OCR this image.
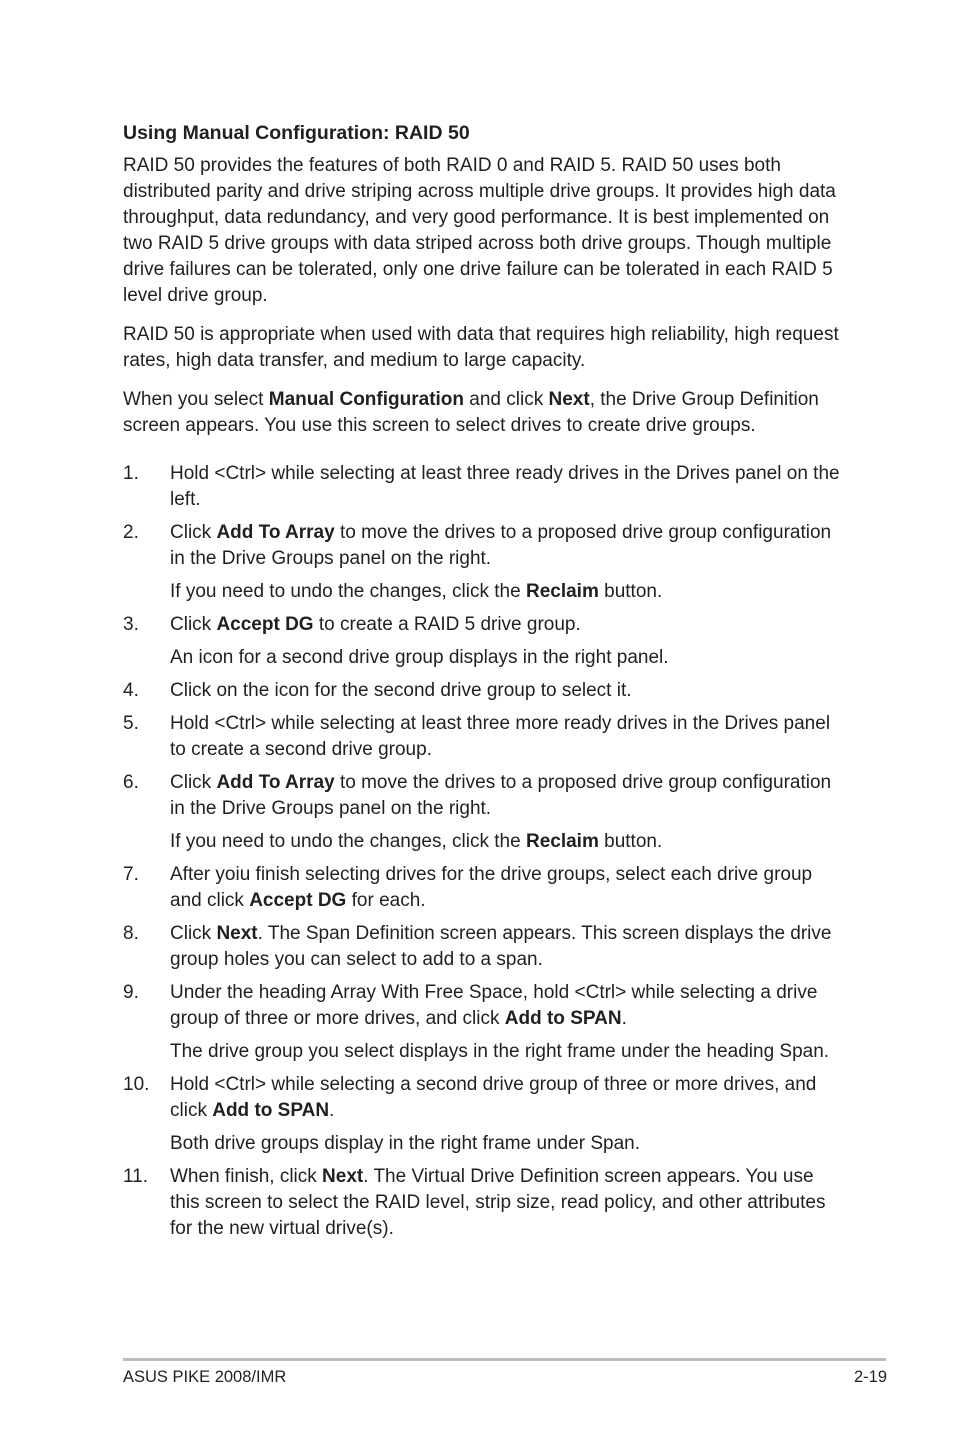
Using Manual Configuration: RAID 50

RAID 50 provides the features of both RAID 0 and RAID 5. RAID 50 uses both distributed parity and drive striping across multiple drive groups. It provides high data throughput, data redundancy, and very good performance. It is best implemented on two RAID 5 drive groups with data striped across both drive groups. Though multiple drive failures can be tolerated, only one drive failure can be tolerated in each RAID 5 level drive group.

RAID 50 is appropriate when used with data that requires high reliability, high request rates, high data transfer, and medium to large capacity.

When you select Manual Configuration and click Next, the Drive Group Definition screen appears. You use this screen to select drives to create drive groups.

1. Hold <Ctrl> while selecting at least three ready drives in the Drives panel on the left.
2. Click Add To Array to move the drives to a proposed drive group configuration in the Drive Groups panel on the right.
If you need to undo the changes, click the Reclaim button.
3. Click Accept DG to create a RAID 5 drive group.
An icon for a second drive group displays in the right panel.
4. Click on the icon for the second drive group to select it.
5. Hold <Ctrl> while selecting at least three more ready drives in the Drives panel to create a second drive group.
6. Click Add To Array to move the drives to a proposed drive group configuration in the Drive Groups panel on the right.
If you need to undo the changes, click the Reclaim button.
7. After yoiu finish selecting drives for the drive groups, select each drive group and click Accept DG for each.
8. Click Next. The Span Definition screen appears. This screen displays the drive group holes you can select to add to a span.
9. Under the heading Array With Free Space, hold <Ctrl> while selecting a drive group of three or more drives, and click Add to SPAN.
The drive group you select displays in the right frame under the heading Span.
10. Hold <Ctrl> while selecting a second drive group of three or more drives, and click Add to SPAN.
Both drive groups display in the right frame under Span.
11. When finish, click Next. The Virtual Drive Definition screen appears. You use this screen to select the RAID level, strip size, read policy, and other attributes for the new virtual drive(s).
ASUS PIKE 2008/IMR	2-19
